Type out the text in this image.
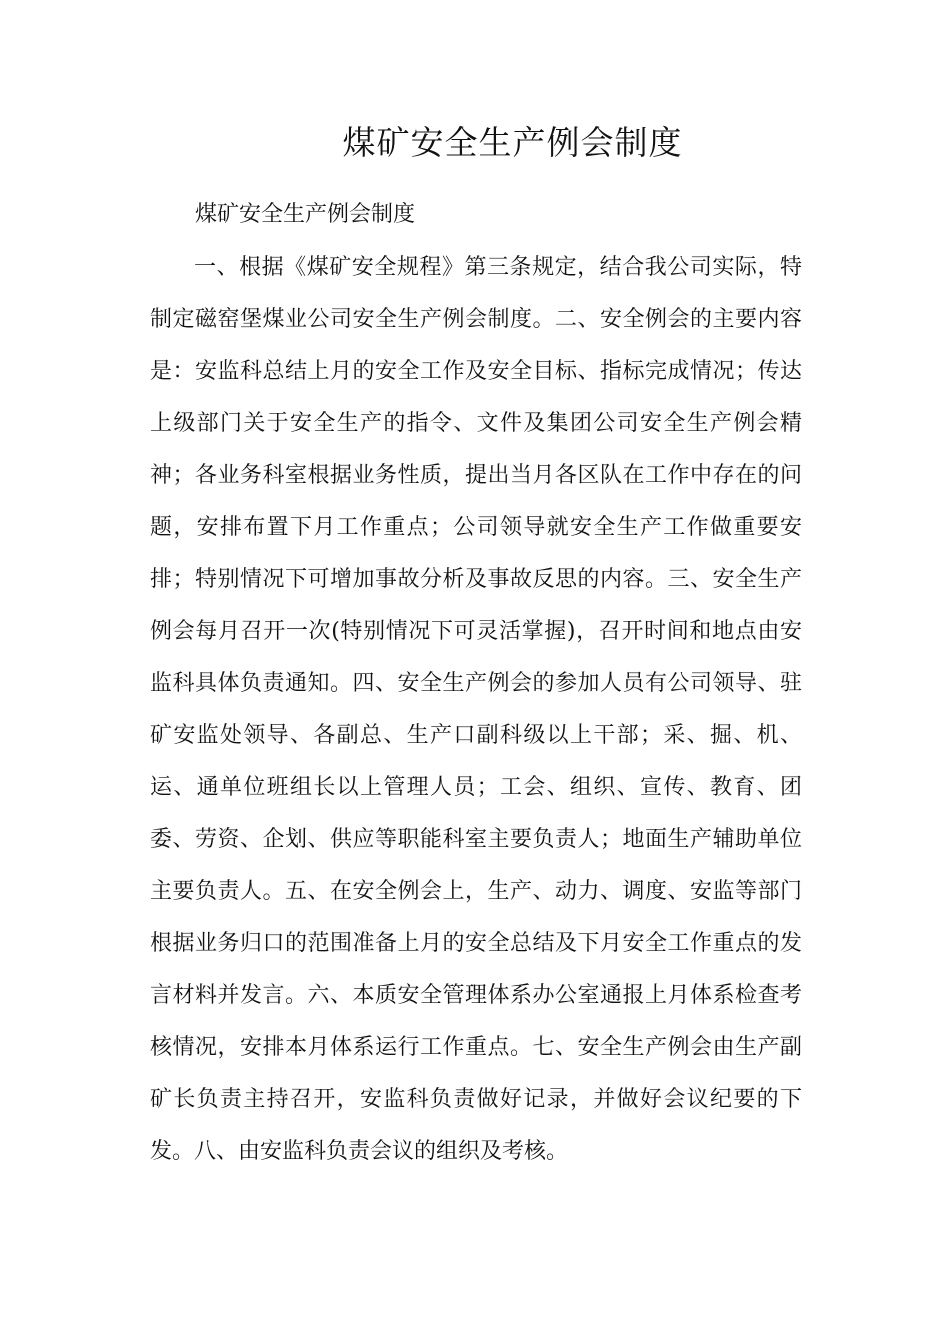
煤矿安全生产例会制度

煤矿安全生产例会制度

一、根据《煤矿安全规程》第三条规定，结合我公司实际，特制定磁窑堡煤业公司安全生产例会制度。二、安全例会的主要内容是：安监科总结上月的安全工作及安全目标、指标完成情况；传达上级部门关于安全生产的指令、文件及集团公司安全生产例会精神；各业务科室根据业务性质，提出当月各区队在工作中存在的问题，安排布置下月工作重点；公司领导就安全生产工作做重要安排；特别情况下可增加事故分析及事故反思的内容。三、安全生产例会每月召开一次(特别情况下可灵活掌握)，召开时间和地点由安监科具体负责通知。四、安全生产例会的参加人员有公司领导、驻矿安监处领导、各副总、生产口副科级以上干部；采、掘、机、运、通单位班组长以上管理人员；工会、组织、宣传、教育、团委、劳资、企划、供应等职能科室主要负责人；地面生产辅助单位主要负责人。五、在安全例会上，生产、动力、调度、安监等部门根据业务归口的范围准备上月的安全总结及下月安全工作重点的发言材料并发言。六、本质安全管理体系办公室通报上月体系检查考核情况，安排本月体系运行工作重点。七、安全生产例会由生产副矿长负责主持召开，安监科负责做好记录，并做好会议纪要的下发。八、由安监科负责会议的组织及考核。
